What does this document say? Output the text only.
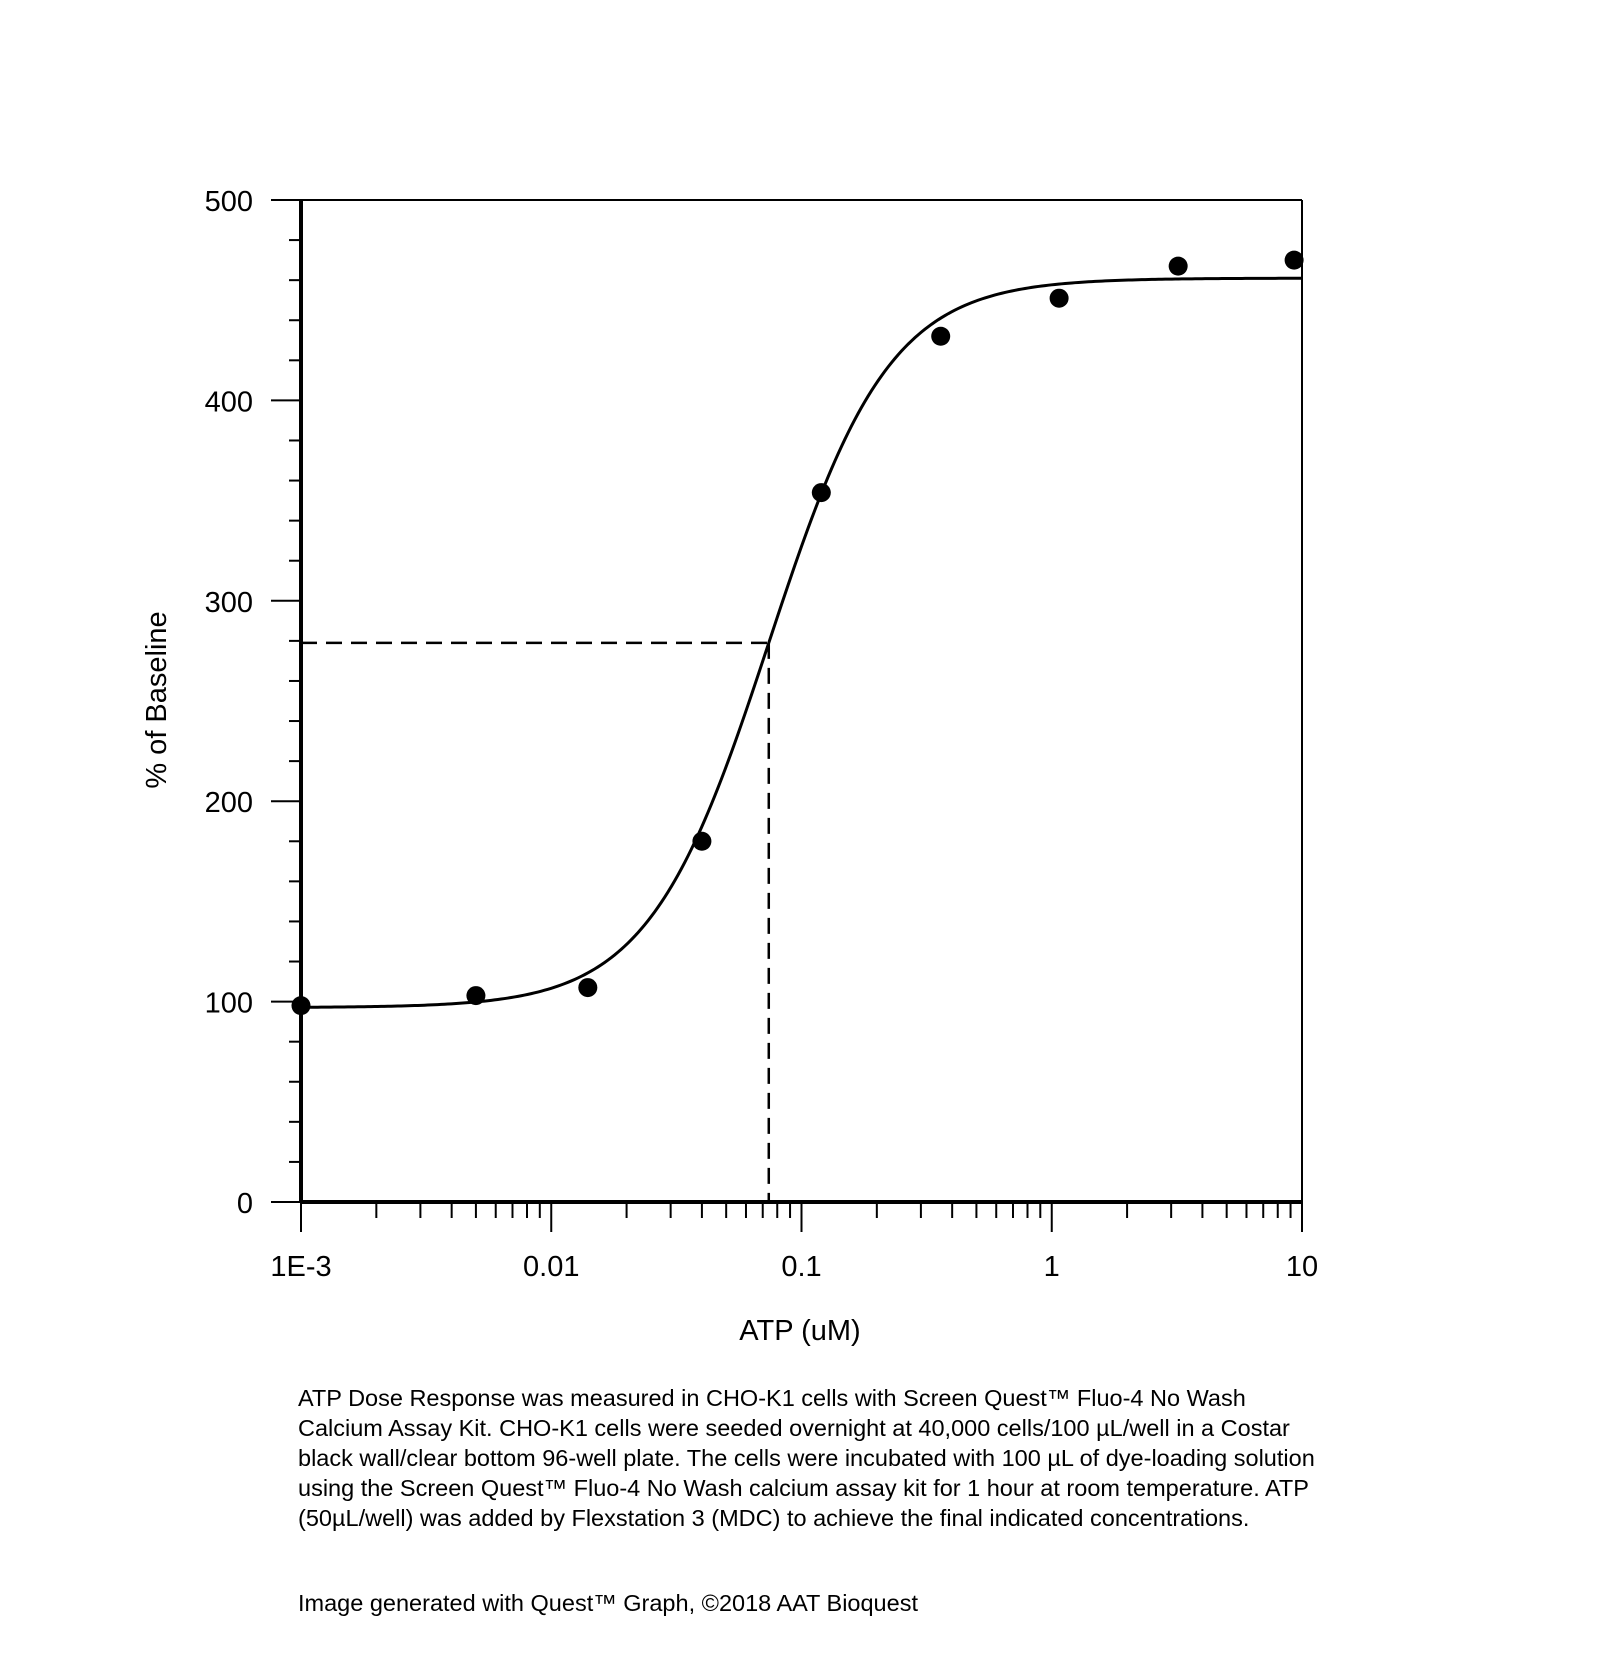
0
100
200
300
400
500
1E-3	0.01	0.1	1	10
ATP (uM)
% of Baseline

ATP Dose Response was measured in CHO-K1 cells with Screen Quest™ Fluo-4 No Wash Calcium Assay Kit. CHO-K1 cells were seeded overnight at 40,000 cells/100 µL/well in a Costar black wall/clear bottom 96-well plate. The cells were incubated with 100 µL of dye-loading solution using the Screen Quest™ Fluo-4 No Wash calcium assay kit for 1 hour at room temperature. ATP (50µL/well) was added by Flexstation 3 (MDC) to achieve the final indicated concentrations.

Image generated with Quest™ Graph, ©2018 AAT Bioquest
